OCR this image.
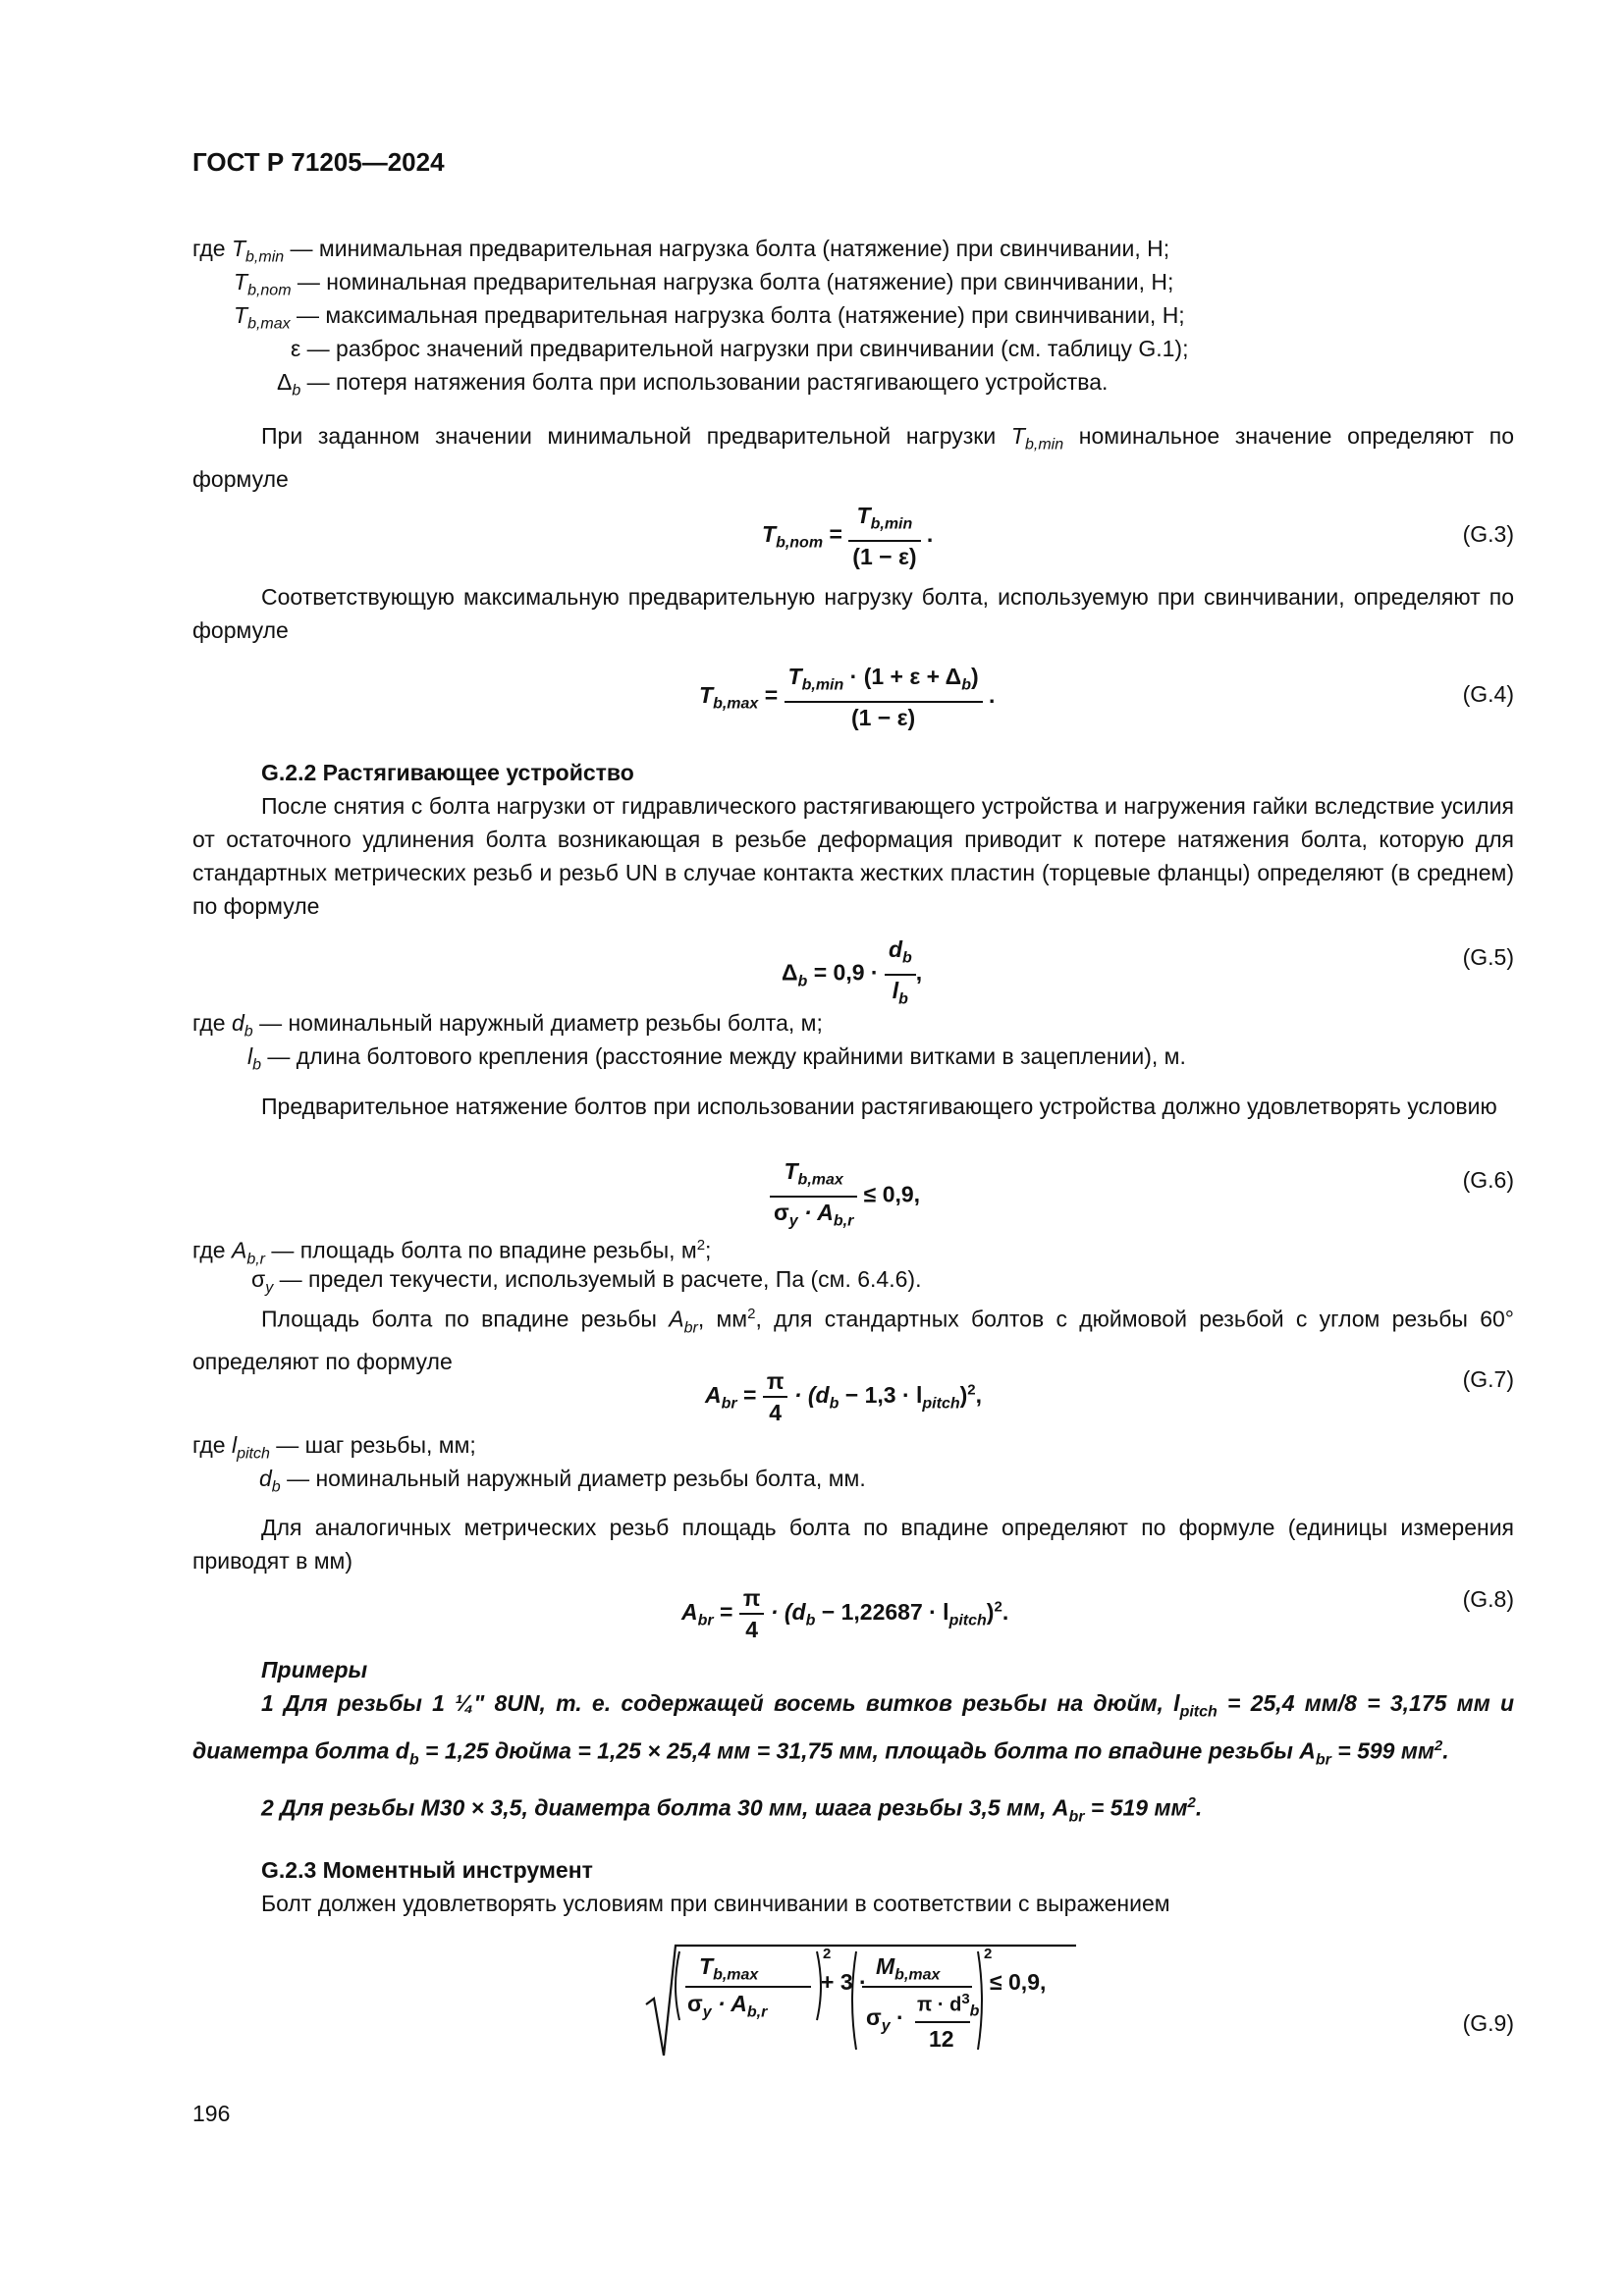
ГОСТ Р 71205—2024
где $T_{b,min}$ — минимальная предварительная нагрузка болта (натяжение) при свинчивании, Н;
$T_{b,nom}$ — номинальная предварительная нагрузка болта (натяжение) при свинчивании, Н;
$T_{b,max}$ — максимальная предварительная нагрузка болта (натяжение) при свинчивании, Н;
ε — разброс значений предварительной нагрузки при свинчивании (см. таблицу G.1);
$\Delta_b$ — потеря натяжения болта при использовании растягивающего устройства.
При заданном значении минимальной предварительной нагрузки $T_{b,min}$ номинальное значение определяют по формуле
$T_{b,nom} = \frac{T_{b,min}}{(1 - \varepsilon)}$ .	(G.3)
Соответствующую максимальную предварительную нагрузку болта, используемую при свинчивании, определяют по формуле
$T_{b,max} = \frac{T_{b,min} \cdot (1 + \varepsilon + \Delta_b)}{(1 - \varepsilon)}$ .	(G.4)
G.2.2 Растягивающее устройство
После снятия с болта нагрузки от гидравлического растягивающего устройства и нагружения гайки вследствие усилия от остаточного удлинения болта возникающая в резьбе деформация приводит к потере натяжения болта, которую для стандартных метрических резьб и резьб UN в случае контакта жестких пластин (торцевые фланцы) определяют (в среднем) по формуле
$\Delta_b = 0,9 \cdot \frac{d_b}{l_b}$ ,
(G.5)
где $d_b$ — номинальный наружный диаметр резьбы болта, м;
$l_b$ — длина болтового крепления (расстояние между крайними витками в зацеплении), м.
Предварительное натяжение болтов при использовании растягивающего устройства должно удовлетворять условию
$\frac{T_{b,max}}{\sigma_y \cdot A_{b,r}} \le 0,9$,
(G.6)
где $A_{b,r}$ — площадь болта по впадине резьбы, $м^2$;
$\sigma_y$ — предел текучести, используемый в расчете, Па (см. 6.4.6).
Площадь болта по впадине резьбы $A_{br}$, $мм^2$, для стандартных болтов с дюймовой резьбой с углом резьбы 60° определяют по формуле
$A_{br} = \frac{\pi}{4} \cdot (d_b - 1,3 \cdot l_{pitch})^2$,
(G.7)
где $l_{pitch}$ — шаг резьбы, мм;
$d_b$ — номинальный наружный диаметр резьбы болта, мм.
Для аналогичных метрических резьб площадь болта по впадине определяют по формуле (единицы измерения приводят в мм)
$A_{br} = \frac{\pi}{4} \cdot (d_b - 1,22687 \cdot l_{pitch})^2$.
(G.8)
Примеры
1 Для резьбы 1 ¼" 8UN, т. е. содержащей восемь витков резьбы на дюйм, $l_{pitch} = 25,4$ мм/8 = 3,175 мм и диаметра болта $d_b = 1,25$ дюйма = 1,25 × 25,4 мм = 31,75 мм, площадь болта по впадине резьбы $A_{br} = 599$ $мм^2$.
2 Для резьбы М30 × 3,5, диаметра болта 30 мм, шага резьбы 3,5 мм, $A_{br} = 519$ $мм^2$.
G.2.3 Моментный инструмент
Болт должен удовлетворять условиям при свинчивании в соответствии с выражением
$T_{b,max}$
$\sigma_y \cdot A_{b,r}$
2
+ 3 ·
$M_{b,max}$
$\sigma_y \cdot \pi \cdot d^3_b$
12
2
≤ 0,9,
(G.9)
196
